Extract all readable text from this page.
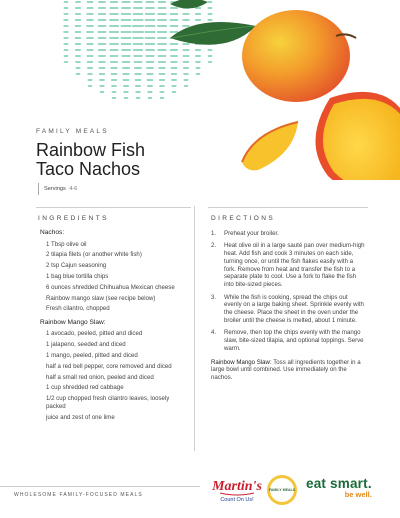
FAMILY MEALS
Rainbow Fish
Taco Nachos
Servings 4-6
INGREDIENTS	DIRECTIONS
Nachos:
1 Tbsp olive oil
2 tilapia filets (or another white fish)
2 tsp Cajun seasoning
1 bag blue tortilla chips
6 ounces shredded Chihuahua Mexican cheese
Rainbow mango slaw (see recipe below)
Fresh cilantro, chopped
Rainbow Mango Slaw:
1 avocado, peeled, pitted and diced
1 jalapeno, seeded and diced
1 mango, peeled, pitted and diced
half a red bell pepper, core removed and diced
half a small red onion, peeled and diced
1 cup shredded red cabbage
1/2 cup chopped fresh cilantro leaves, loosely packed
juice and zest of one lime
1.	Preheat your broiler.
2.	Heat olive oil in a large sauté pan over medium-high heat. Add fish and cook 3 minutes on each side, turning once, or until the fish flakes easily with a fork. Remove from heat and transfer the fish to a separate plate to cool. Use a fork to flake the fish into bite-sized pieces.
3.	While the fish is cooking, spread the chips out evenly on a large baking sheet. Sprinkle evenly with the cheese. Place the sheet in the oven under the broiler until the cheese is melted, about 1 minute.
4.	Remove, then top the chips evenly with the mango slaw, bite-sized tilapia, and optional toppings. Serve warm.
Rainbow Mango Slaw: Toss all ingredients together in a large bowl until combined. Use immediately on the nachos.
WHOLESOME FAMILY-FOCUSED MEALS
Martin's
Count On Us!
FAMILY MEALS eat smart.
be well.
